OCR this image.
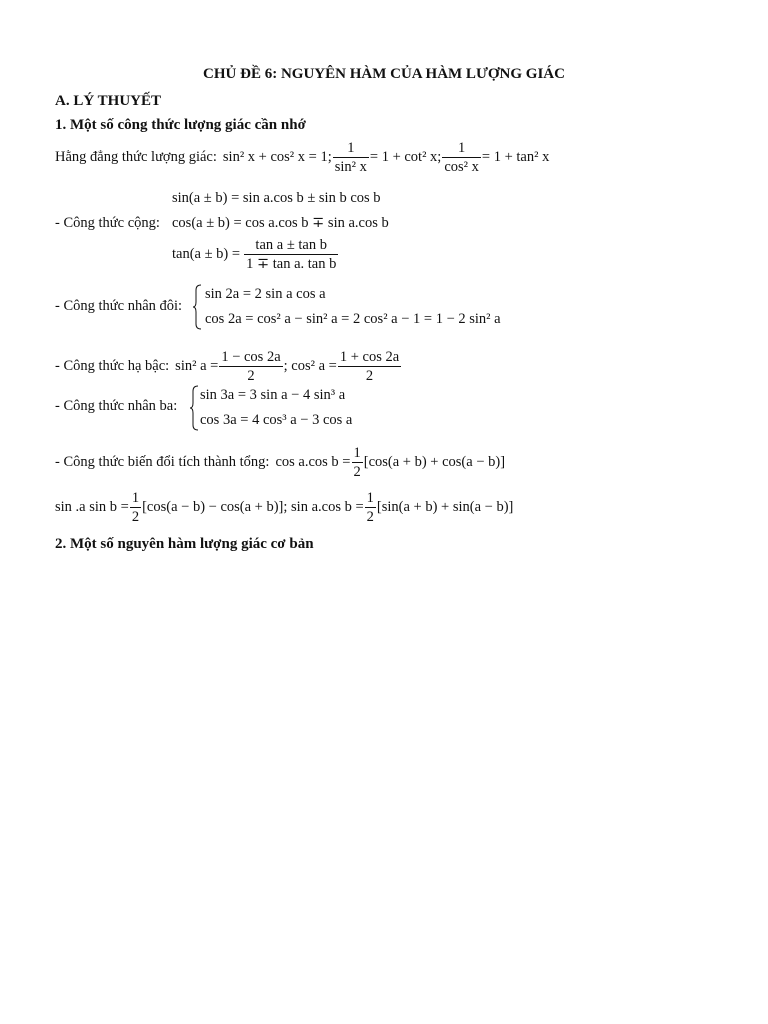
CHỦ ĐỀ 6: NGUYÊN HÀM CỦA HÀM LƯỢNG GIÁC
A. LÝ THUYẾT
1. Một số công thức lượng giác cần nhớ
Hằng đẳng thức lượng giác: sin² x + cos² x = 1; $\frac{1}{\text{sin² x}} = 1 + \cot^2$ x; $\frac{1}{\text{cos² x}} = 1 + \tan^2$ x
sin(a ± b) = sin a.cos b ± sin b cos b
- Công thức cộng: cos(a ± b) = cos a.cos b ∓ sin a.cos b
$\tan(a \pm b) = \frac{\text{tan a ± tan b}}{\text{1 ∓ tan a. tan b}}$
- Công thức nhân đôi:
sin 2a = 2 sin a cos a
cos 2a = cos² a − sin² a = 2 cos² a − 1 = 1 − 2 sin² a
- Công thức hạ bậc: sin² $a = \frac{1 - \cos 2a}{2}$ ; cos² $a = \frac{1 + \cos 2a}{2}$
- Công thức nhân ba:
sin 3a = 3 sin a − 4 sin³ a
cos 3a = 4 cos³ a − 3 cos a
- Công thức biến đổi tích thành tổng: cos a.cos $b = \frac{1}{2} [\cos(a + b) + \cos(a - b)]$
sin .a $\sin b = \frac{1}{2} [\cos(a - b) - \cos(a + b)]$; sin a.cos $b = \frac{1}{2} [\sin(a + b) + \sin(a - b)]$
2. Một số nguyên hàm lượng giác cơ bản
